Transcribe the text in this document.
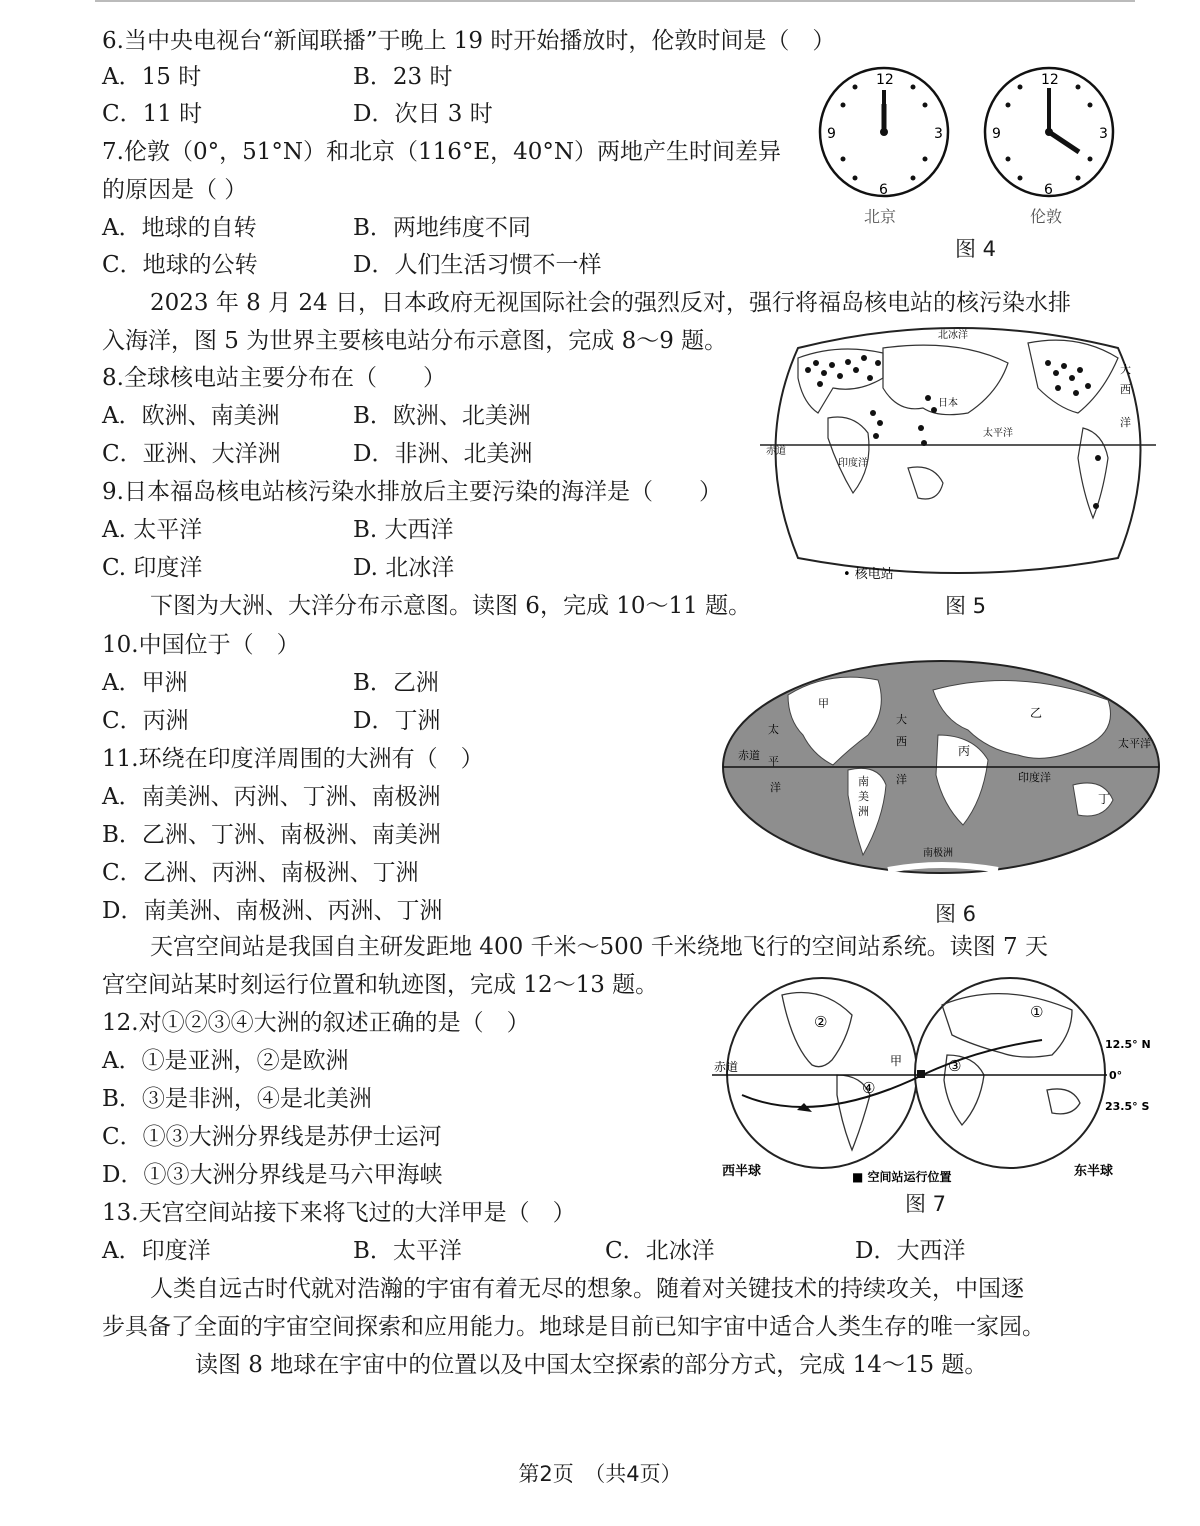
6.当中央电视台“新闻联播”于晚上 19 时开始播放时，伦敦时间是（　）
A．15 时	B．23 时
C．11 时	D．次日 3 时
7.伦敦（0°，51°N）和北京（116°E，40°N）两地产生时间差异
的原因是（ ）
A．地球的自转	B．两地纬度不同
C．地球的公转	D．人们生活习惯不一样
12
3
6
9
12
3
6
9
北京	伦敦
图 4
2023 年 8 月 24 日，日本政府无视国际社会的强烈反对，强行将福岛核电站的核污染水排
入海洋，图 5 为世界主要核电站分布示意图，完成 8～9 题。
8.全球核电站主要分布在（　　）
A．欧洲、南美洲	B．欧洲、北美洲
C．亚洲、大洋洲	D．非洲、北美洲
9.日本福岛核电站核污染水排放后主要污染的海洋是（　　）
A. 太平洋	B. 大西洋
C. 印度洋	D. 北冰洋
北冰洋
日本
太平洋
印度洋
赤道
大
西
洋
• 核电站
图 5
下图为大洲、大洋分布示意图。读图 6，完成 10～11 题。
10.中国位于（　）
A．甲洲	B．乙洲
C．丙洲	D．丁洲
11.环绕在印度洋周围的大洲有（　）
A．南美洲、丙洲、丁洲、南极洲
B．乙洲、丁洲、南极洲、南美洲
C．乙洲、丙洲、南极洲、丁洲
D．南美洲、南极洲、丙洲、丁洲
甲
乙
丙
丁
太
平
洋
赤道
大
西
洋
太平洋
印度洋
南
美
洲
南极洲
图 6
天宫空间站是我国自主研发距地 400 千米～500 千米绕地飞行的空间站系统。读图 7 天
宫空间站某时刻运行位置和轨迹图，完成 12～13 题。
12.对①②③④大洲的叙述正确的是（　）
A．①是亚洲，②是欧洲
B．③是非洲，④是北美洲
C．①③大洲分界线是苏伊士运河
D．①③大洲分界线是马六甲海峡
赤道	甲
①
②
③
④
12.5° N
0°
23.5° S
西半球	东半球
■ 空间站运行位置
图 7
13.天宫空间站接下来将飞过的大洋甲是（　）
A．印度洋	B．太平洋	C．北冰洋	D．大西洋
人类自远古时代就对浩瀚的宇宙有着无尽的想象。随着对关键技术的持续攻关，中国逐
步具备了全面的宇宙空间探索和应用能力。地球是目前已知宇宙中适合人类生存的唯一家园。
读图 8 地球在宇宙中的位置以及中国太空探索的部分方式，完成 14～15 题。
第2页　（共4页）
